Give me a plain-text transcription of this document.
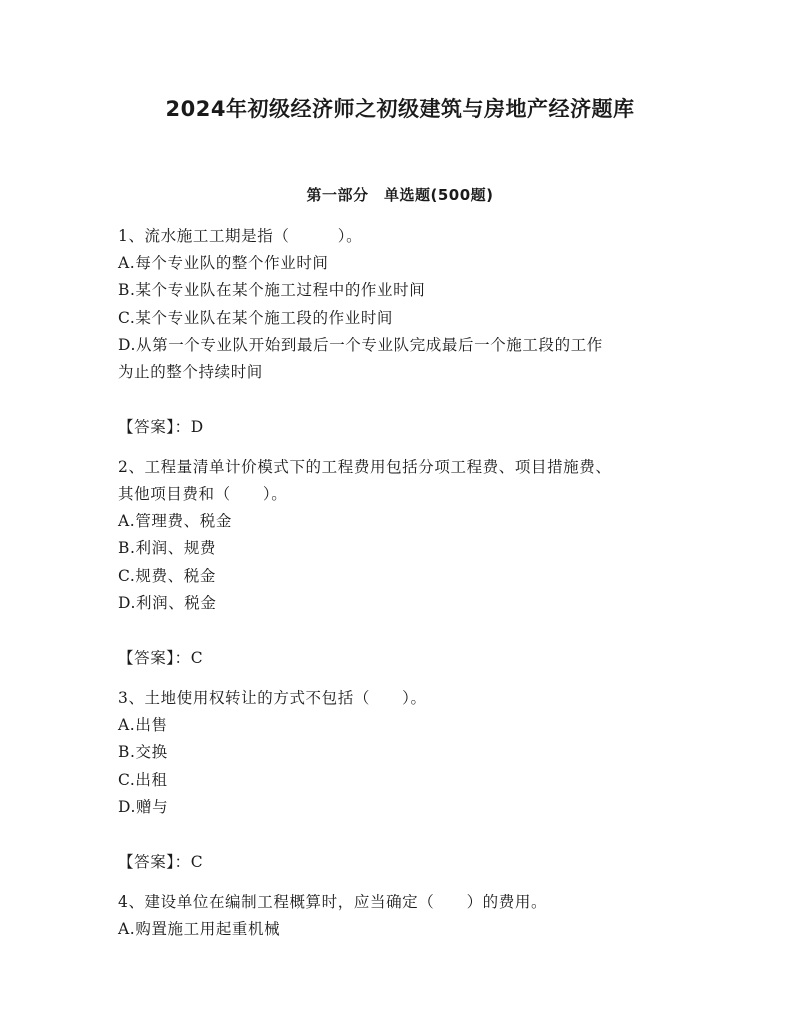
2024年初级经济师之初级建筑与房地产经济题库
第一部分　单选题(500题)
1、流水施工工期是指（　　　）。
A.每个专业队的整个作业时间
B.某个专业队在某个施工过程中的作业时间
C.某个专业队在某个施工段的作业时间
D.从第一个专业队开始到最后一个专业队完成最后一个施工段的工作
为止的整个持续时间
【答案】：D
2、工程量清单计价模式下的工程费用包括分项工程费、项目措施费、
其他项目费和（　　）。
A.管理费、税金
B.利润、规费
C.规费、税金
D.利润、税金
【答案】：C
3、土地使用权转让的方式不包括（　　）。
A.出售
B.交换
C.出租
D.赠与
【答案】：C
4、建设单位在编制工程概算时，应当确定（　　）的费用。
A.购置施工用起重机械
